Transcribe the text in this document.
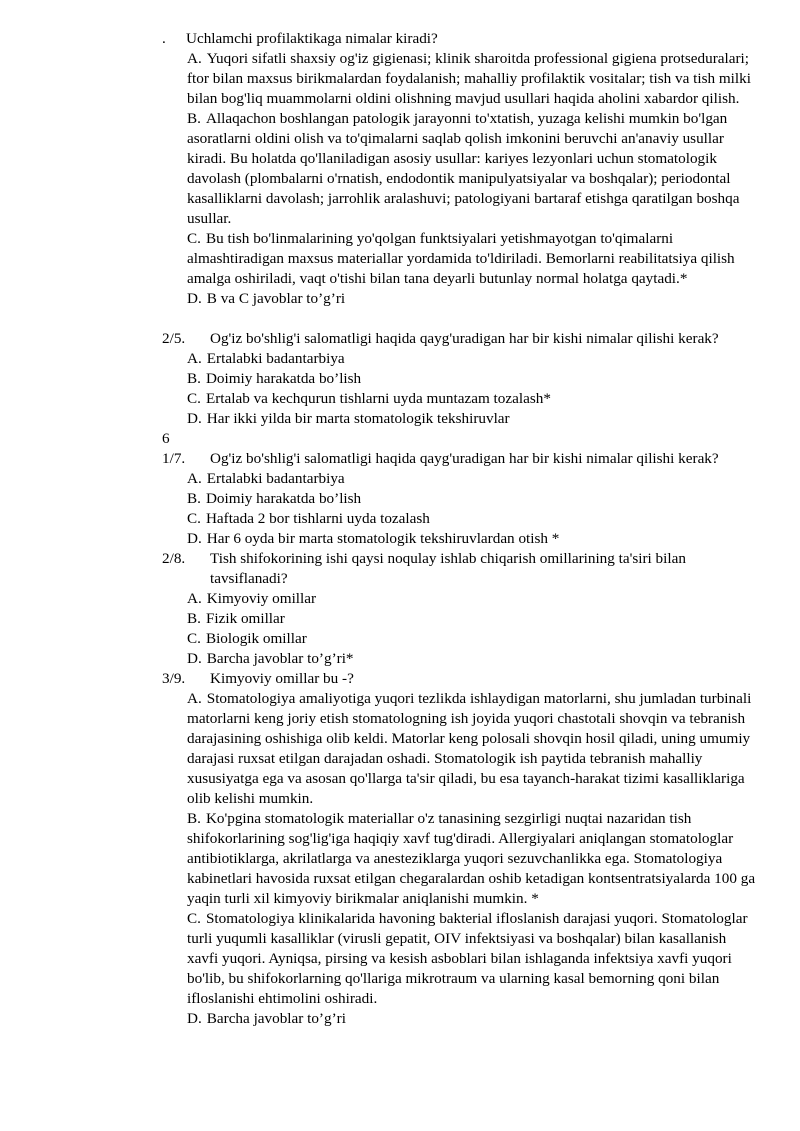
.	Uchlamchi profilaktikaga nimalar kiradi?
A. Yuqori sifatli shaxsiy og'iz gigienasi; klinik sharoitda professional gigiena protseduralari; ftor bilan maxsus birikmalardan foydalanish; mahalliy profilaktik vositalar; tish va tish milki bilan bog'liq muammolarni oldini olishning mavjud usullari haqida aholini xabardor qilish.
B. Allaqachon boshlangan patologik jarayonni to'xtatish, yuzaga kelishi mumkin bo'lgan asoratlarni oldini olish va to'qimalarni saqlab qolish imkonini beruvchi an'anaviy usullar kiradi. Bu holatda qo'llaniladigan asosiy usullar: kariyes lezyonlari uchun stomatologik davolash (plombalarni o'rnatish, endodontik manipulyatsiyalar va boshqalar); periodontal kasalliklarni davolash; jarrohlik aralashuvi; patologiyani bartaraf etishga qaratilgan boshqa usullar.
C. Bu tish bo'linmalarining yo'qolgan funktsiyalari yetishmayotgan to'qimalarni almashtiradigan maxsus materiallar yordamida to'ldiriladi. Bemorlarni reabilitatsiya qilish amalga oshiriladi, vaqt o'tishi bilan tana deyarli butunlay normal holatga qaytadi.*
D. B va C javoblar to’g’ri
2/5.	Og'iz bo'shlig'i salomatligi haqida qayg'uradigan har bir kishi nimalar qilishi kerak?
A. Ertalabki badantarbiya
B. Doimiy harakatda bo’lish
C. Ertalab va kechqurun tishlarni uyda muntazam tozalash*
D. Har ikki yilda bir marta stomatologik tekshiruvlar
6
1/7.	Og'iz bo'shlig'i salomatligi haqida qayg'uradigan har bir kishi nimalar qilishi kerak?
A. Ertalabki badantarbiya
B. Doimiy harakatda bo’lish
C. Haftada 2 bor tishlarni uyda tozalash
D. Har 6 oyda bir marta stomatologik tekshiruvlardan otish *
2/8.	Tish shifokorining ishi qaysi noqulay ishlab chiqarish omillarining ta'siri bilan tavsiflanadi?
A. Kimyoviy omillar
B. Fizik omillar
C. Biologik omillar
D. Barcha javoblar to’g’ri*
3/9.	Kimyoviy omillar bu -?
A. Stomatologiya amaliyotiga yuqori tezlikda ishlaydigan matorlarni, shu jumladan turbinali matorlarni keng joriy etish stomatologning ish joyida yuqori chastotali shovqin va tebranish darajasining oshishiga olib keldi. Matorlar keng polosali shovqin hosil qiladi, uning umumiy darajasi ruxsat etilgan darajadan oshadi. Stomatologik ish paytida tebranish mahalliy xususiyatga ega va asosan qo'llarga ta'sir qiladi, bu esa tayanch-harakat tizimi kasalliklariga olib kelishi mumkin.
B. Ko'pgina stomatologik materiallar o'z tanasining sezgirligi nuqtai nazaridan tish shifokorlarining sog'lig'iga haqiqiy xavf tug'diradi. Allergiyalari aniqlangan stomatologlar antibiotiklarga, akrilatlarga va anesteziklarga yuqori sezuvchanlikka ega. Stomatologiya kabinetlari havosida ruxsat etilgan chegaralardan oshib ketadigan kontsentratsiyalarda 100 ga yaqin turli xil kimyoviy birikmalar aniqlanishi mumkin. *
C. Stomatologiya klinikalarida havoning bakterial ifloslanish darajasi yuqori. Stomatologlar turli yuqumli kasalliklar (virusli gepatit, OIV infektsiyasi va boshqalar) bilan kasallanish xavfi yuqori. Ayniqsa, pirsing va kesish asboblari bilan ishlaganda infektsiya xavfi yuqori bo'lib, bu shifokorlarning qo'llariga mikrotraum va ularning kasal bemorning qoni bilan ifloslanishi ehtimolini oshiradi.
D. Barcha javoblar to’g’ri
